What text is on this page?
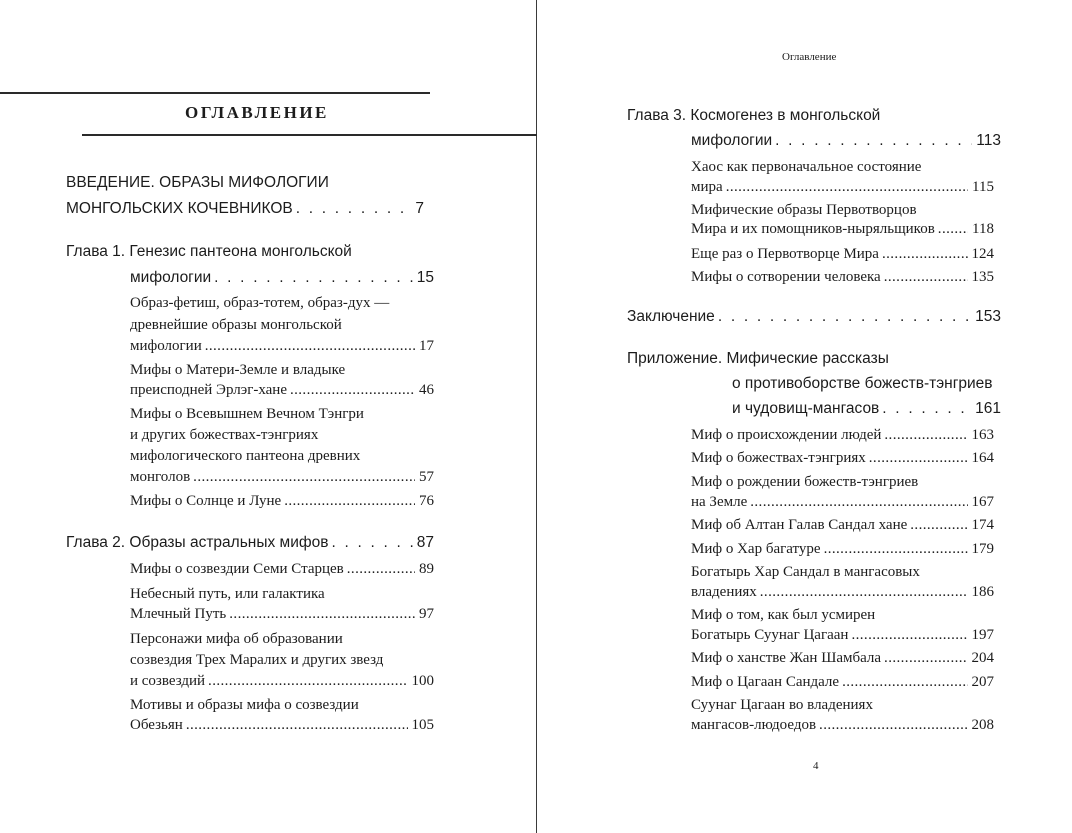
ОГЛАВЛЕНИЕ
ВВЕДЕНИЕ. ОБРАЗЫ МИФОЛОГИИ
МОНГОЛЬСКИХ КОЧЕВНИКОВ	7
. . .
Глава 1. Генезис пантеона монгольской
мифологии	15
. . .
Образ-фетиш, образ-тотем, образ-дух —
древнейшие образы монгольской
мифологии	17
.....
Мифы о Матери-Земле и владыке
преисподней Эрлэг-хане	46
.....
Мифы о Всевышнем Вечном Тэнгри
и других божествах-тэнгриях
мифологического пантеона древних
монголов	57
.....
Мифы о Солнце и Луне	76
.....
Глава 2. Образы астральных мифов	87
. . .
Мифы о созвездии Семи Старцев	89
.....
Небесный путь, или галактика
Млечный Путь	97
.....
Персонажи мифа об образовании
созвездия Трех Маралих и других звезд
и созвездий	100
.....
Мотивы и образы мифа о созвездии
Обезьян	105
.....
Оглавление
Глава 3. Космогенез в монгольской
мифологии	113
. . .
Хаос как первоначальное состояние
мира	115
.....
Мифические образы Первотворцов
Мира и их помощников-ныряльщиков 118
.....
Еще раз о Первотворце Мира	124
.....
Мифы о сотворении человека	135
.....
Заключение	153
. . .
Приложение. Мифические рассказы
о противоборстве божеств-тэнгриев
и чудовищ-мангасов	161
. . .
Миф о происхождении людей	163
.....
Миф о божествах-тэнгриях	164
.....
Миф о рождении божеств-тэнгриев
на Земле	167
.....
Миф об Алтан Галав Сандал хане	174
.....
Миф о Хар багатуре	179
.....
Богатырь Хар Сандал в мангасовых
владениях	186
.....
Миф о том, как был усмирен
Богатырь Суунаг Цагаан	197
.....
Миф о ханстве Жан Шамбала	204
.....
Миф о Цагаан Сандале	207
.....
Суунаг Цагаан во владениях
мангасов-людоедов	208
.....
4
